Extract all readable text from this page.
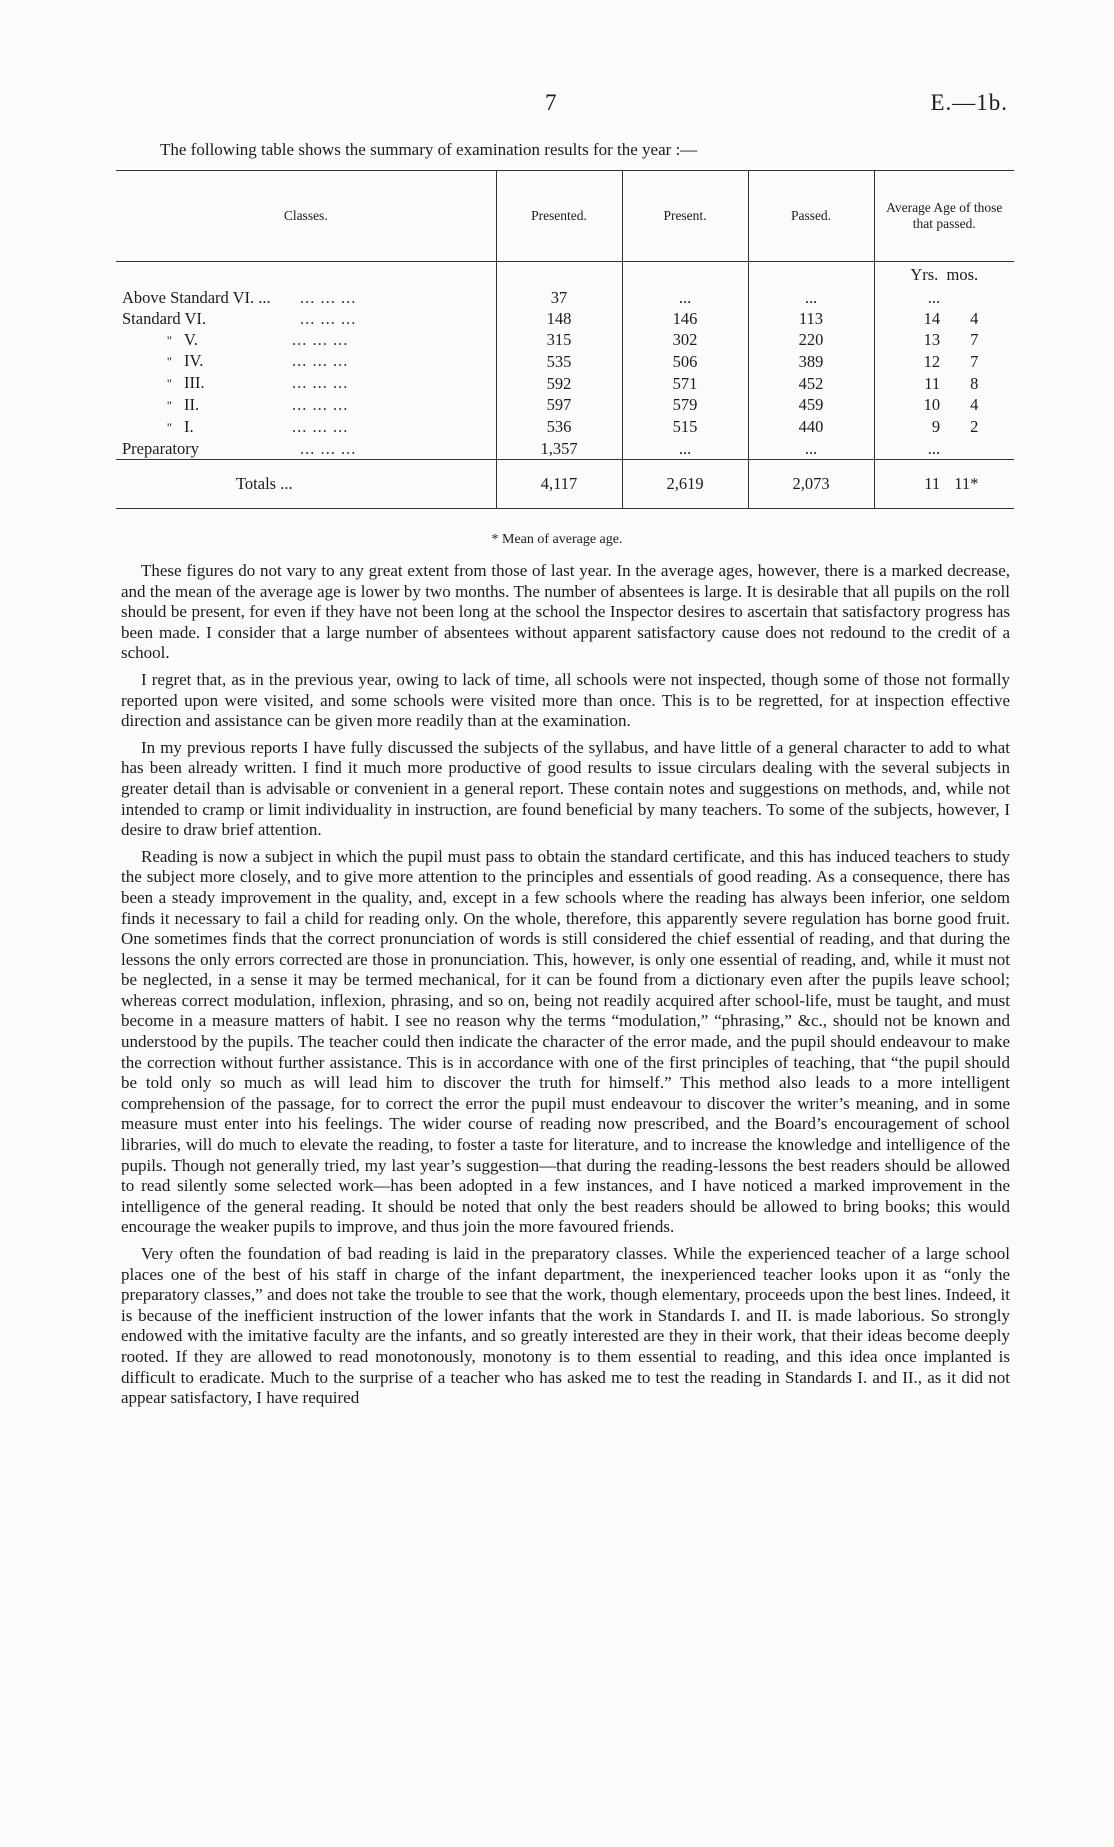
7	E.—1b.
The following table shows the summary of examination results for the year :—
Classes.	Presented.	Present.	Passed.	Average Age of those that passed.
				Yrs. mos.
Above Standard VI. ... ... ... ...	37	...	...	...
Standard VI. ... ... ...	148	146	113	14 4
" V. ... ... ...	315	302	220	13 7
" IV. ... ... ...	535	506	389	12 7
" III. ... ... ...	592	571	452	11 8
" II. ... ... ...	597	579	459	10 4
" I. ... ... ...	536	515	440	9 2
Preparatory ... ... ...	1,357	...	...	...
Totals ...	4,117	2,619	2,073	11 11*
* Mean of average age.

These figures do not vary to any great extent from those of last year. In the average ages, however, there is a marked decrease, and the mean of the average age is lower by two months. The number of absentees is large. It is desirable that all pupils on the roll should be present, for even if they have not been long at the school the Inspector desires to ascertain that satisfactory progress has been made. I consider that a large number of absentees without apparent satisfactory cause does not redound to the credit of a school.

I regret that, as in the previous year, owing to lack of time, all schools were not inspected, though some of those not formally reported upon were visited, and some schools were visited more than once. This is to be regretted, for at inspection effective direction and assistance can be given more readily than at the examination.

In my previous reports I have fully discussed the subjects of the syllabus, and have little of a general character to add to what has been already written. I find it much more productive of good results to issue circulars dealing with the several subjects in greater detail than is advisable or convenient in a general report. These contain notes and suggestions on methods, and, while not intended to cramp or limit individuality in instruction, are found beneficial by many teachers. To some of the subjects, however, I desire to draw brief attention.

Reading is now a subject in which the pupil must pass to obtain the standard certificate, and this has induced teachers to study the subject more closely, and to give more attention to the principles and essentials of good reading. As a consequence, there has been a steady improvement in the quality, and, except in a few schools where the reading has always been inferior, one seldom finds it necessary to fail a child for reading only. On the whole, therefore, this apparently severe regulation has borne good fruit. One sometimes finds that the correct pronunciation of words is still considered the chief essential of reading, and that during the lessons the only errors corrected are those in pronunciation. This, however, is only one essential of reading, and, while it must not be neglected, in a sense it may be termed mechanical, for it can be found from a dictionary even after the pupils leave school; whereas correct modulation, inflexion, phrasing, and so on, being not readily acquired after school-life, must be taught, and must become in a measure matters of habit. I see no reason why the terms “modulation,” “phrasing,” &c., should not be known and understood by the pupils. The teacher could then indicate the character of the error made, and the pupil should endeavour to make the correction without further assistance. This is in accordance with one of the first principles of teaching, that “the pupil should be told only so much as will lead him to discover the truth for himself.” This method also leads to a more intelligent comprehension of the passage, for to correct the error the pupil must endeavour to discover the writer’s meaning, and in some measure must enter into his feelings. The wider course of reading now prescribed, and the Board’s encouragement of school libraries, will do much to elevate the reading, to foster a taste for literature, and to increase the knowledge and intelligence of the pupils. Though not generally tried, my last year’s suggestion—that during the reading-lessons the best readers should be allowed to read silently some selected work—has been adopted in a few instances, and I have noticed a marked improvement in the intelligence of the general reading. It should be noted that only the best readers should be allowed to bring books; this would encourage the weaker pupils to improve, and thus join the more favoured friends.

Very often the foundation of bad reading is laid in the preparatory classes. While the experienced teacher of a large school places one of the best of his staff in charge of the infant department, the inexperienced teacher looks upon it as “only the preparatory classes,” and does not take the trouble to see that the work, though elementary, proceeds upon the best lines. Indeed, it is because of the inefficient instruction of the lower infants that the work in Standards I. and II. is made laborious. So strongly endowed with the imitative faculty are the infants, and so greatly interested are they in their work, that their ideas become deeply rooted. If they are allowed to read monotonously, monotony is to them essential to reading, and this idea once implanted is difficult to eradicate. Much to the surprise of a teacher who has asked me to test the reading in Standards I. and II., as it did not appear satisfactory, I have required
